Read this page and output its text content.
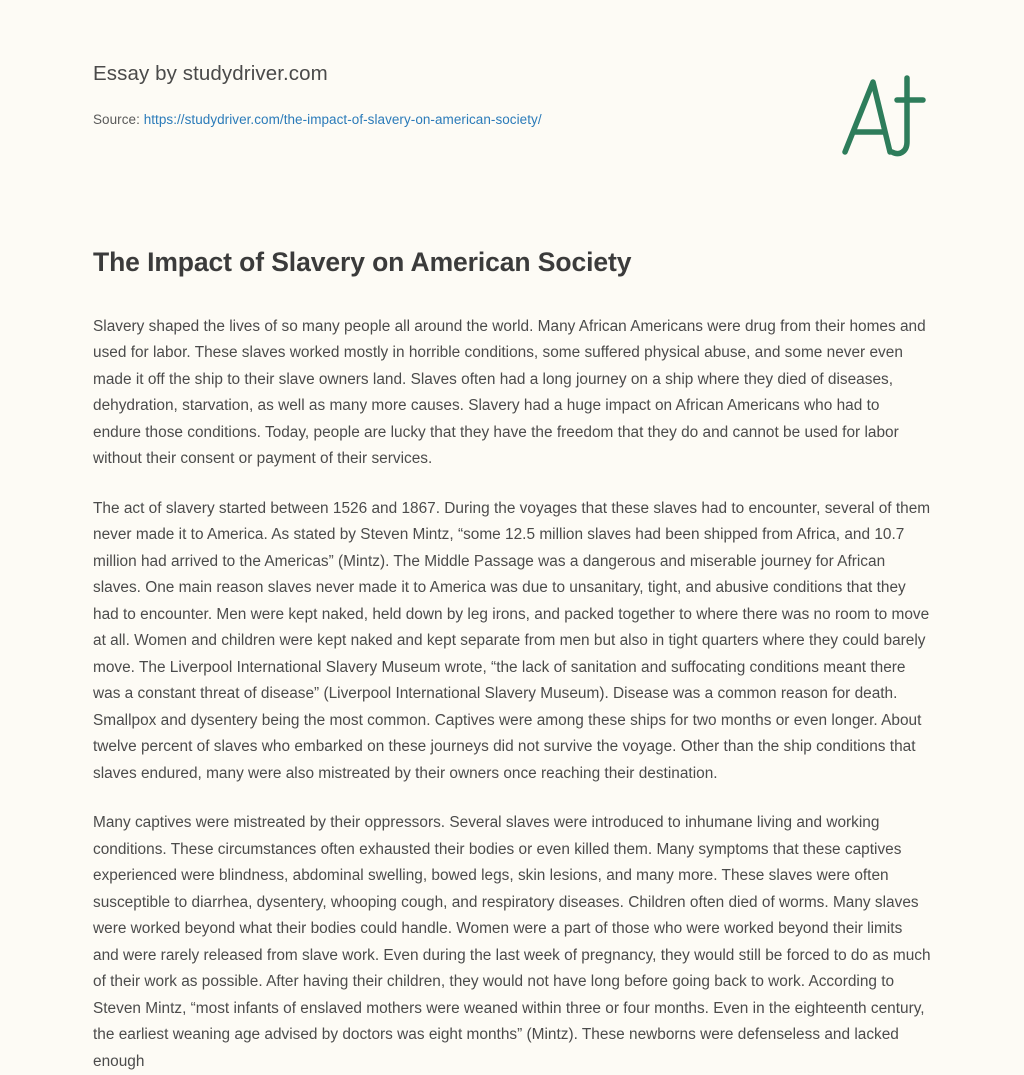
Essay by studydriver.com

Source: https://studydriver.com/the-impact-of-slavery-on-american-society/

The Impact of Slavery on American Society

Slavery shaped the lives of so many people all around the world. Many African Americans were drug from their homes and used for labor. These slaves worked mostly in horrible conditions, some suffered physical abuse, and some never even made it off the ship to their slave owners land. Slaves often had a long journey on a ship where they died of diseases, dehydration, starvation, as well as many more causes. Slavery had a huge impact on African Americans who had to endure those conditions. Today, people are lucky that they have the freedom that they do and cannot be used for labor without their consent or payment of their services.

The act of slavery started between 1526 and 1867. During the voyages that these slaves had to encounter, several of them never made it to America. As stated by Steven Mintz, “some 12.5 million slaves had been shipped from Africa, and 10.7 million had arrived to the Americas” (Mintz). The Middle Passage was a dangerous and miserable journey for African slaves. One main reason slaves never made it to America was due to unsanitary, tight, and abusive conditions that they had to encounter. Men were kept naked, held down by leg irons, and packed together to where there was no room to move at all. Women and children were kept naked and kept separate from men but also in tight quarters where they could barely move. The Liverpool International Slavery Museum wrote, “the lack of sanitation and suffocating conditions meant there was a constant threat of disease” (Liverpool International Slavery Museum). Disease was a common reason for death. Smallpox and dysentery being the most common. Captives were among these ships for two months or even longer. About twelve percent of slaves who embarked on these journeys did not survive the voyage. Other than the ship conditions that slaves endured, many were also mistreated by their owners once reaching their destination.

Many captives were mistreated by their oppressors. Several slaves were introduced to inhumane living and working conditions. These circumstances often exhausted their bodies or even killed them. Many symptoms that these captives experienced were blindness, abdominal swelling, bowed legs, skin lesions, and many more. These slaves were often susceptible to diarrhea, dysentery, whooping cough, and respiratory diseases. Children often died of worms. Many slaves were worked beyond what their bodies could handle. Women were a part of those who were worked beyond their limits and were rarely released from slave work. Even during the last week of pregnancy, they would still be forced to do as much of their work as possible. After having their children, they would not have long before going back to work. According to Steven Mintz, “most infants of enslaved mothers were weaned within three or four months. Even in the eighteenth century, the earliest weaning age advised by doctors was eight months” (Mintz). These newborns were defenseless and lacked enough
